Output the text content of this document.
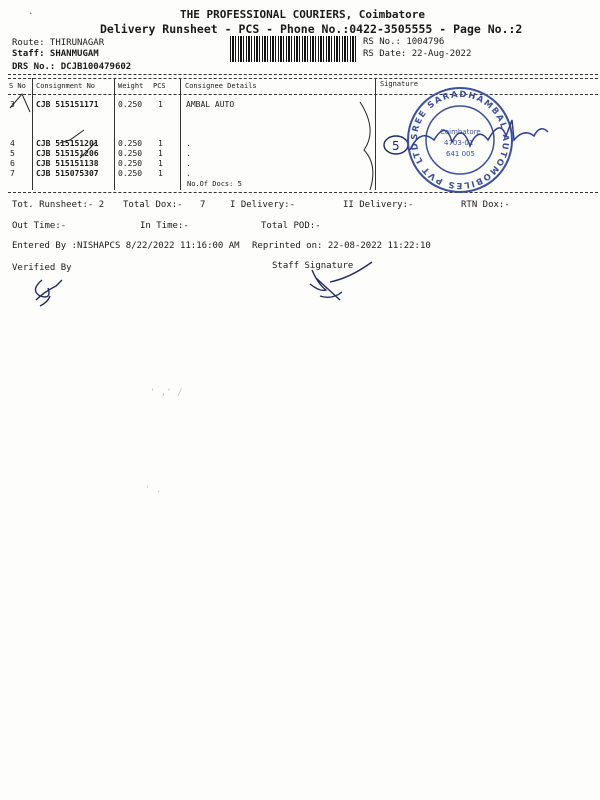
THE PROFESSIONAL COURIERS, Coimbatore
Delivery Runsheet - PCS - Phone No.:0422-3505555 - Page No.:2
Route: THIRUNAGAR
Staff: SHANMUGAM
DRS No.: DCJB100479602
RS No.: 1004796
RS Date: 22-Aug-2022
S No Consignment No	Weight PCS	Consignee Details	Signature
3	CJB 515151171 0.250 1	AMBAL AUTO
4	CJB 515151201 0.250 1	.
5	CJB 515151206 0.250 1	.
6	CJB 515151138 0.250 1	.
7	CJB 515075307 0.250 1	.
No.Of Docs: 5
Tot. Runsheet:- 2 Total Dox:- 7	I Delivery:-	II Delivery:-	RTN Dox:-
Out Time:-	In Time:-	Total POD:-
Entered By :NISHAPCS 8/22/2022 11:16:00 AM Reprinted on: 22-08-2022 11:22:10
Verified By	Staff Signature
5
SREE SARADHAMBAL AUTOMOBILES PVT LTD
Coimbatore
4703-01
641 005
' ,' /
' .
.
